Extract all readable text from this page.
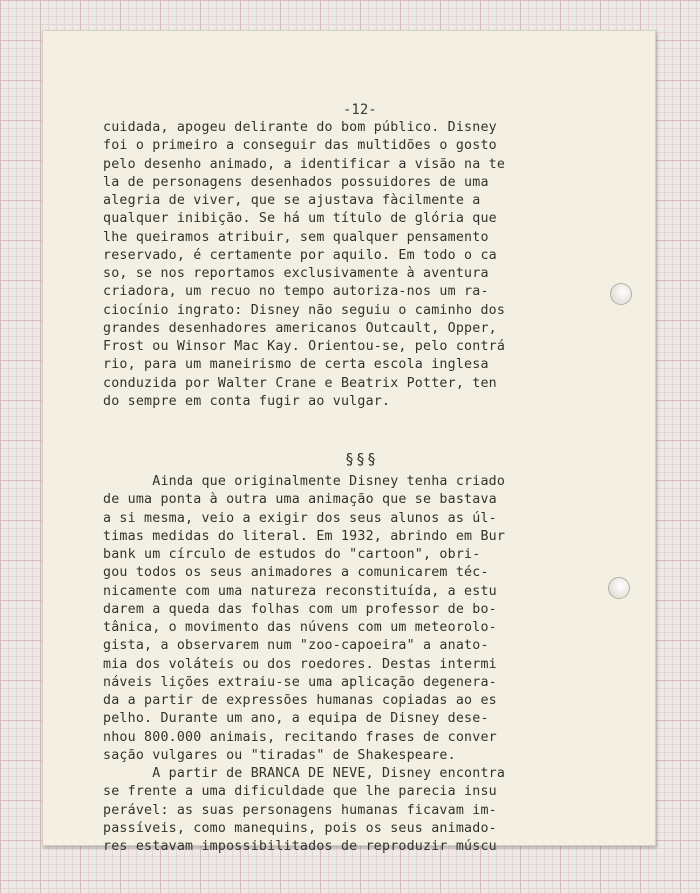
-12-

cuidada, apogeu delirante do bom público. Disney
foi o primeiro a conseguir das multidões o gosto
pelo desenho animado, a identificar a visão na te
la de personagens desenhados possuidores de uma
alegria de viver, que se ajustava fàcilmente a
qualquer inibição. Se há um título de glória que
lhe queiramos atribuir, sem qualquer pensamento
reservado, é certamente por aquilo. Em todo o ca
so, se nos reportamos exclusivamente à aventura
criadora, um recuo no tempo autoriza-nos um ra-
ciocínio ingrato: Disney não seguiu o caminho dos
grandes desenhadores americanos Outcault, Opper,
Frost ou Winsor Mac Kay. Orientou-se, pelo contrá
rio, para um maneirismo de certa escola inglesa
conduzida por Walter Crane e Beatrix Potter, ten
do sempre em conta fugir ao vulgar.

§§§

Ainda que originalmente Disney tenha criado
de uma ponta à outra uma animação que se bastava
a si mesma, veio a exigir dos seus alunos as úl-
timas medidas do literal. Em 1932, abrindo em Bur
bank um círculo de estudos do "cartoon", obri-
gou todos os seus animadores a comunicarem téc-
nicamente com uma natureza reconstituída, a estu
darem a queda das folhas com um professor de bo-
tânica, o movimento das núvens com um meteorolo-
gista, a observarem num "zoo-capoeira" a anato-
mia dos voláteis ou dos roedores. Destas intermi
náveis lições extraiu-se uma aplicação degenera-
da a partir de expressões humanas copiadas ao es
pelho. Durante um ano, a equipa de Disney dese-
nhou 800.000 animais, recitando frases de conver
sação vulgares ou "tiradas" de Shakespeare.
A partir de BRANCA DE NEVE, Disney encontra
se frente a uma dificuldade que lhe parecia insu
perável: as suas personagens humanas ficavam im-
passíveis, como manequins, pois os seus animado-
res estavam impossibilitados de reproduzir múscu
